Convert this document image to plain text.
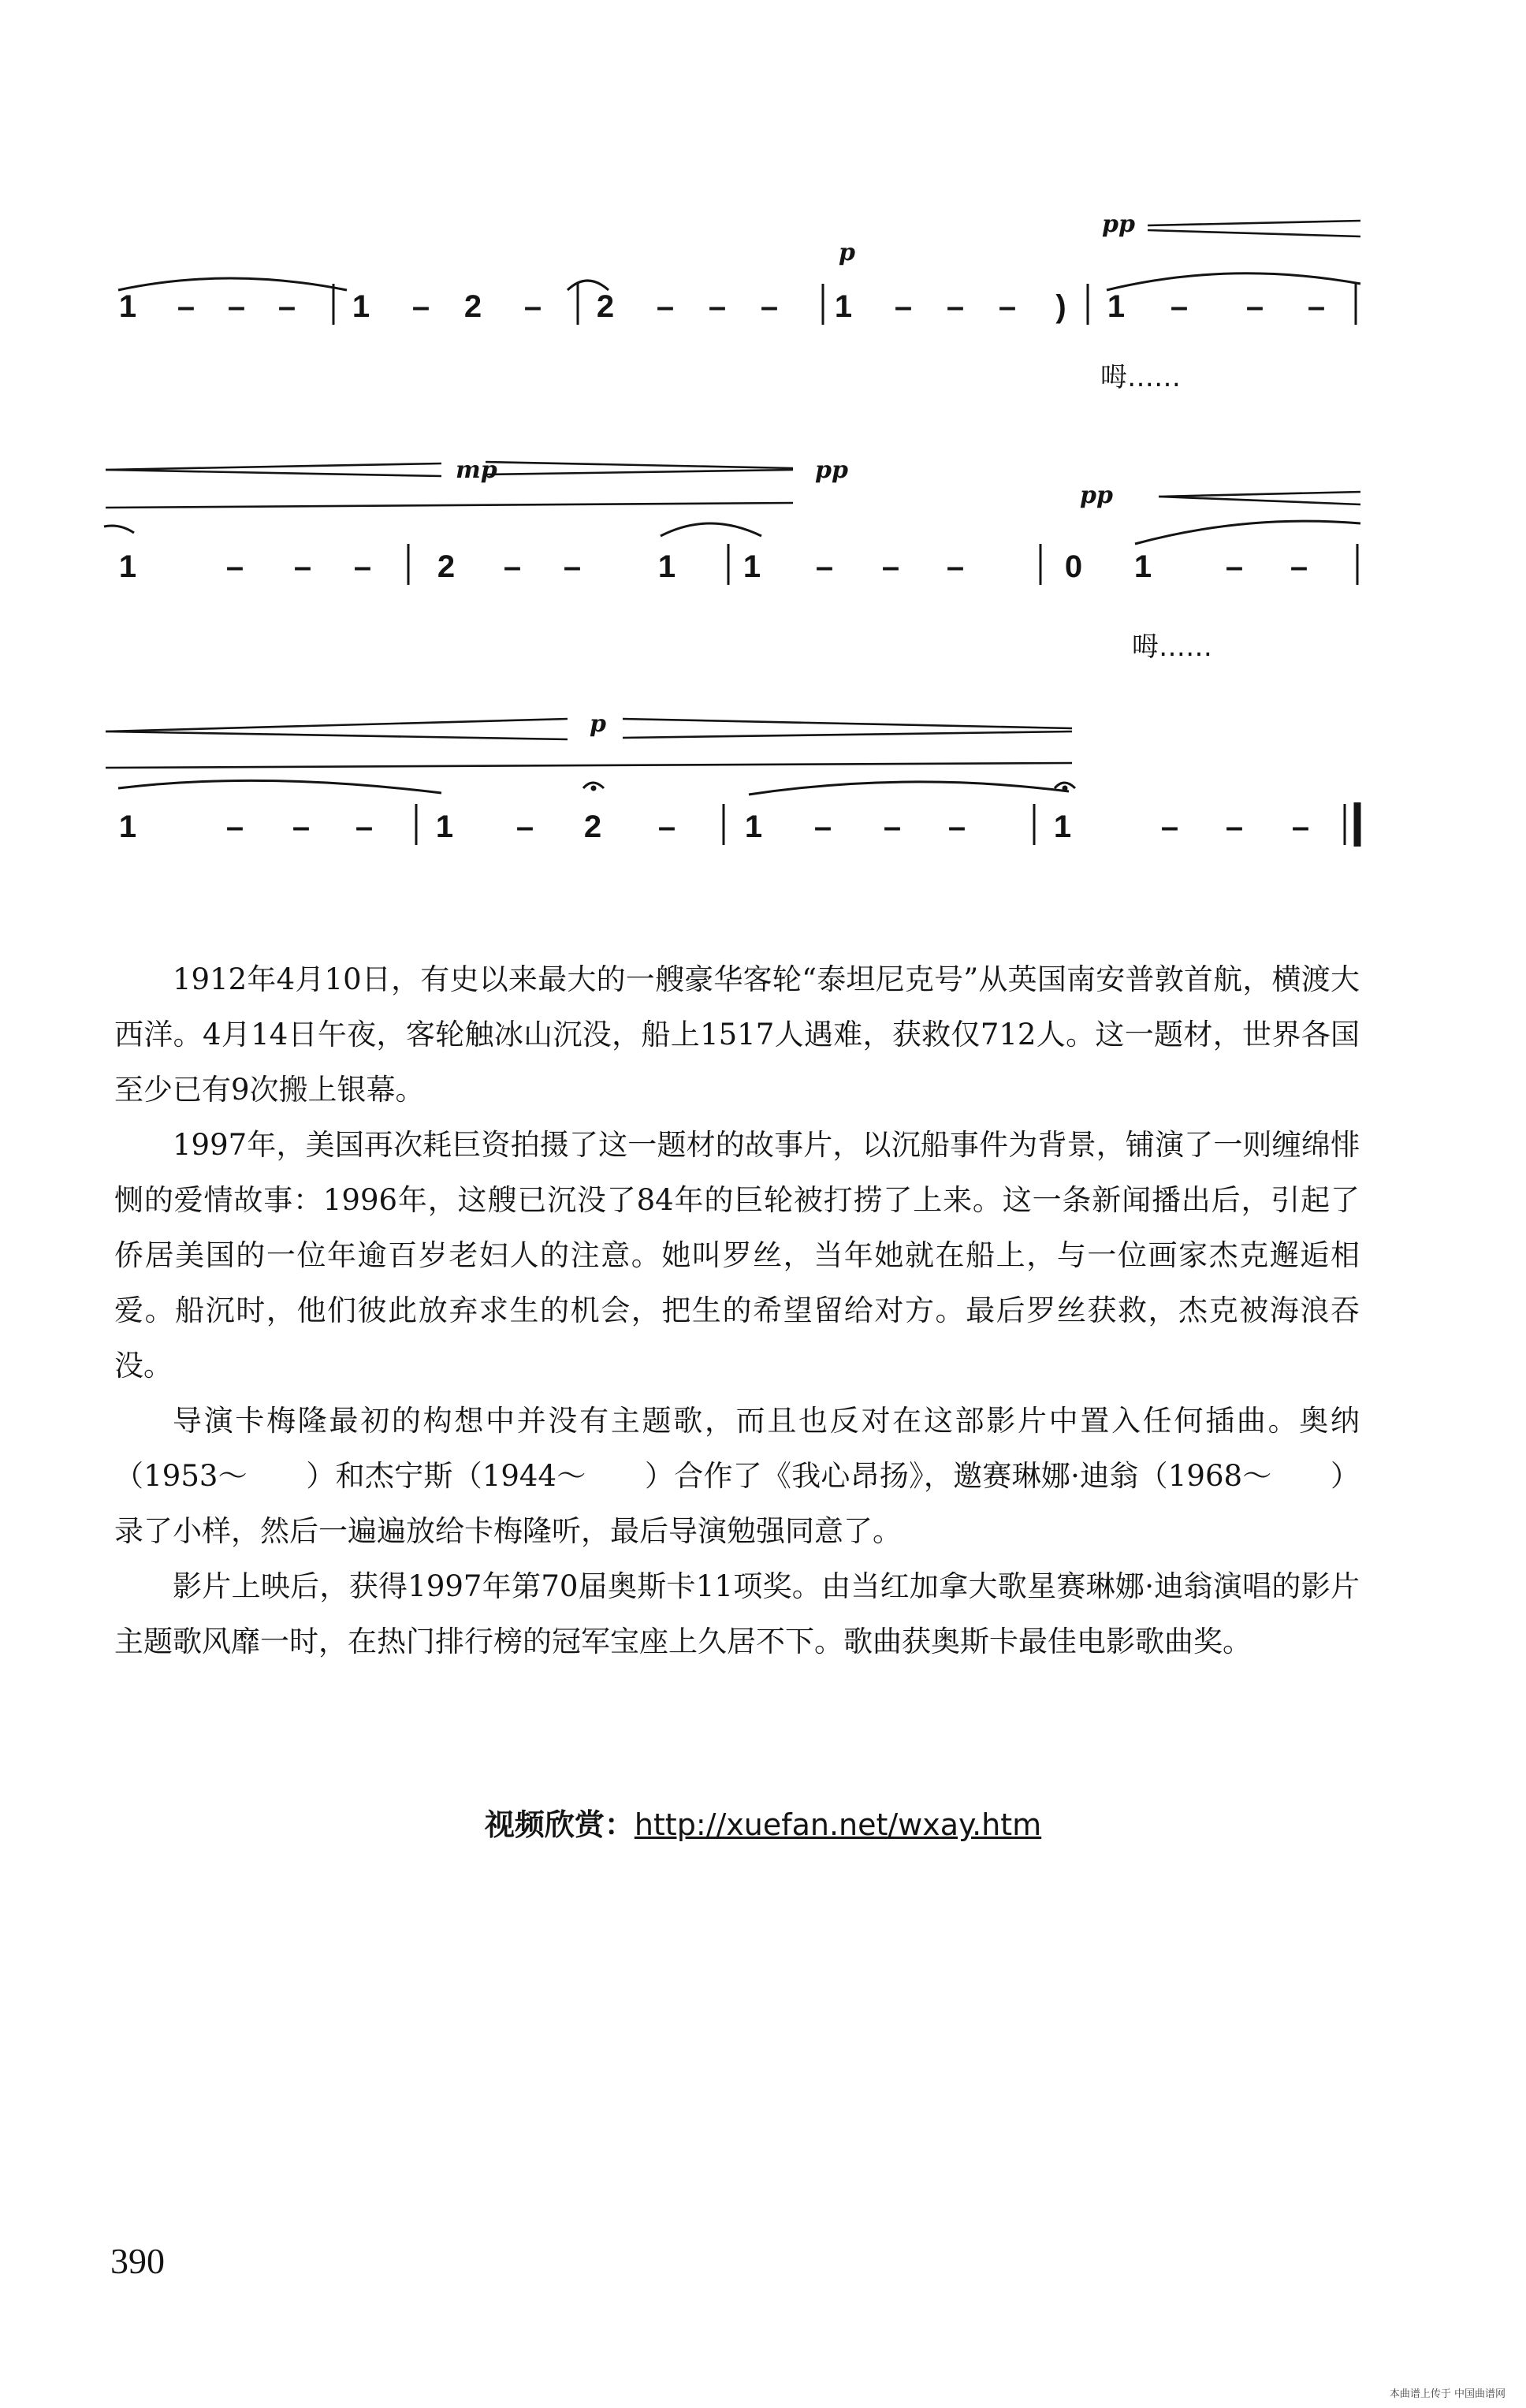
1 – – – 1 – 2 – 2 – – – 1 – – – ) 1 – – –
p
pp
呣……
1	– – – 2 – – 1 1 – – –	0 1 – –
mp	pp
pp
呣……
1	– – – 1 – 2 – 1 – – –	1	– – –
p

1912年4月10日，有史以来最大的一艘豪华客轮“泰坦尼克号”从英国南安普敦首航，横渡大西洋。4月14日午夜，客轮触冰山沉没，船上1517人遇难，获救仅712人。这一题材，世界各国至少已有9次搬上银幕。

1997年，美国再次耗巨资拍摄了这一题材的故事片，以沉船事件为背景，铺演了一则缠绵悱恻的爱情故事：1996年，这艘已沉没了84年的巨轮被打捞了上来。这一条新闻播出后，引起了侨居美国的一位年逾百岁老妇人的注意。她叫罗丝，当年她就在船上，与一位画家杰克邂逅相爱。船沉时，他们彼此放弃求生的机会，把生的希望留给对方。最后罗丝获救，杰克被海浪吞没。

导演卡梅隆最初的构想中并没有主题歌，而且也反对在这部影片中置入任何插曲。奥纳（1953～　　）和杰宁斯（1944～　　）合作了《我心昂扬》，邀赛琳娜·迪翁（1968～　　）录了小样，然后一遍遍放给卡梅隆听，最后导演勉强同意了。

影片上映后，获得1997年第70届奥斯卡11项奖。由当红加拿大歌星赛琳娜·迪翁演唱的影片主题歌风靡一时，在热门排行榜的冠军宝座上久居不下。歌曲获奥斯卡最佳电影歌曲奖。

视频欣赏：http://xuefan.net/wxay.htm
390
本曲谱上传于 中国曲谱网
